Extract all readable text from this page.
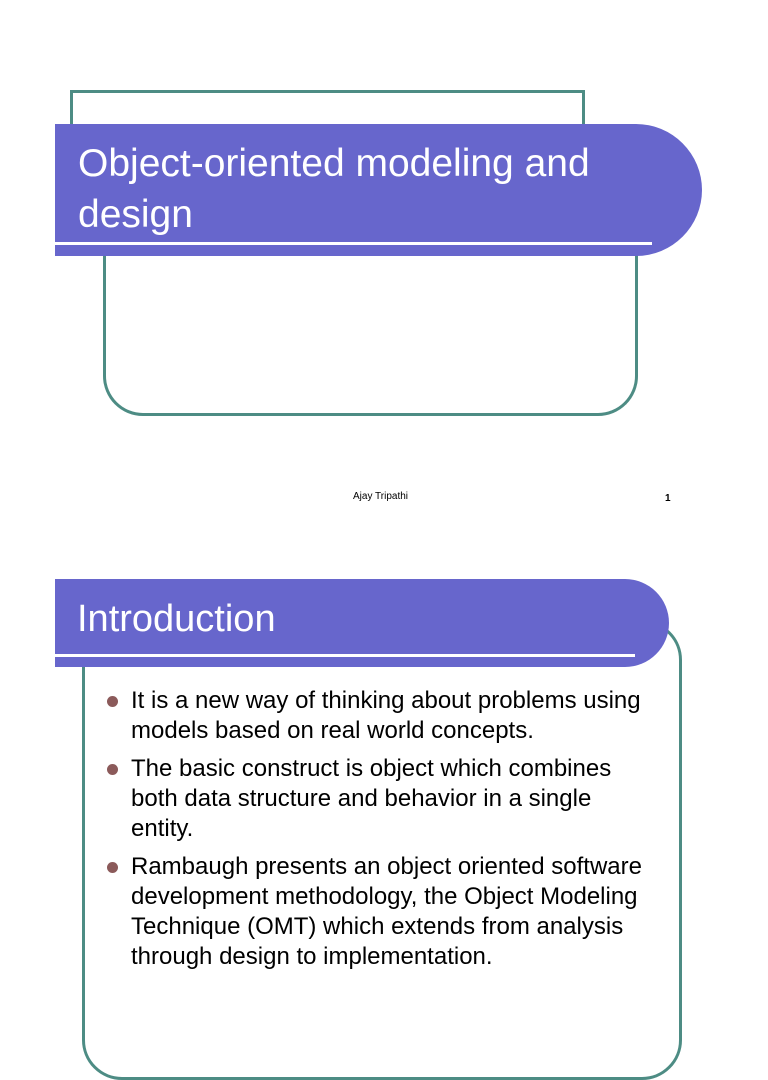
Object-oriented modeling and design
Ajay Tripathi	1
Introduction
It is a new way of thinking about problems using models based on real world concepts.
The basic construct is object which combines both data structure and behavior in a single entity.
Rambaugh presents an object oriented software development methodology, the Object Modeling Technique (OMT) which extends from analysis through design to implementation.
